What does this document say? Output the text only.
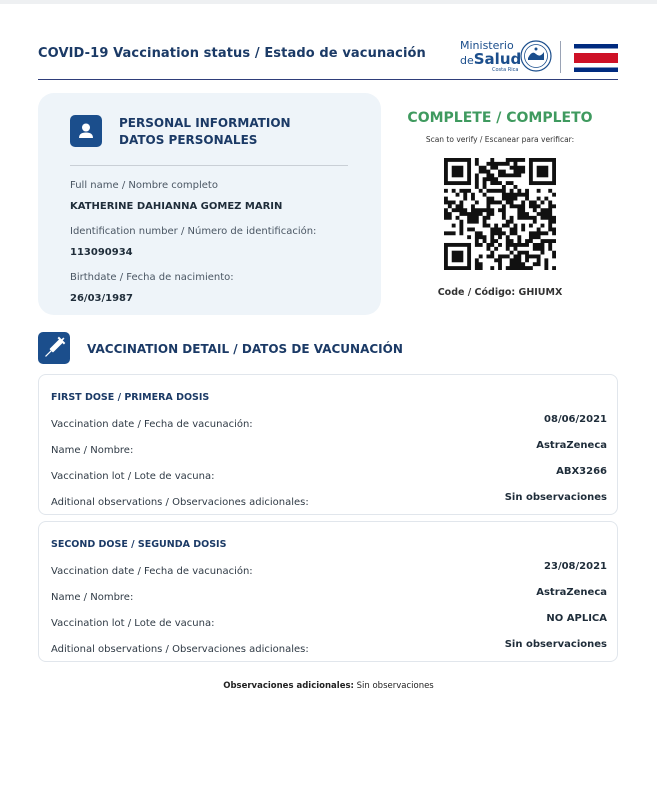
COVID-19 Vaccination status / Estado de vacunación
Ministerio
deSalud
Costa Rica
PERSONAL INFORMATION
DATOS PERSONALES
Full name / Nombre completo
KATHERINE DAHIANNA GOMEZ MARIN
Identification number / Número de identificación:
113090934
Birthdate / Fecha de nacimiento:
26/03/1987
COMPLETE / COMPLETO
Scan to verify / Escanear para verificar:
Code / Código: GHIUMX
VACCINATION DETAIL / DATOS DE VACUNACIÓN
FIRST DOSE / PRIMERA DOSIS
Vaccination date / Fecha de vacunación:	08/06/2021
Name / Nombre:	AstraZeneca
Vaccination lot / Lote de vacuna:	ABX3266
Aditional observations / Observaciones adicionales:	Sin observaciones
SECOND DOSE / SEGUNDA DOSIS
Vaccination date / Fecha de vacunación:	23/08/2021
Name / Nombre:	AstraZeneca
Vaccination lot / Lote de vacuna:	NO APLICA
Aditional observations / Observaciones adicionales:	Sin observaciones
Observaciones adicionales: Sin observaciones
